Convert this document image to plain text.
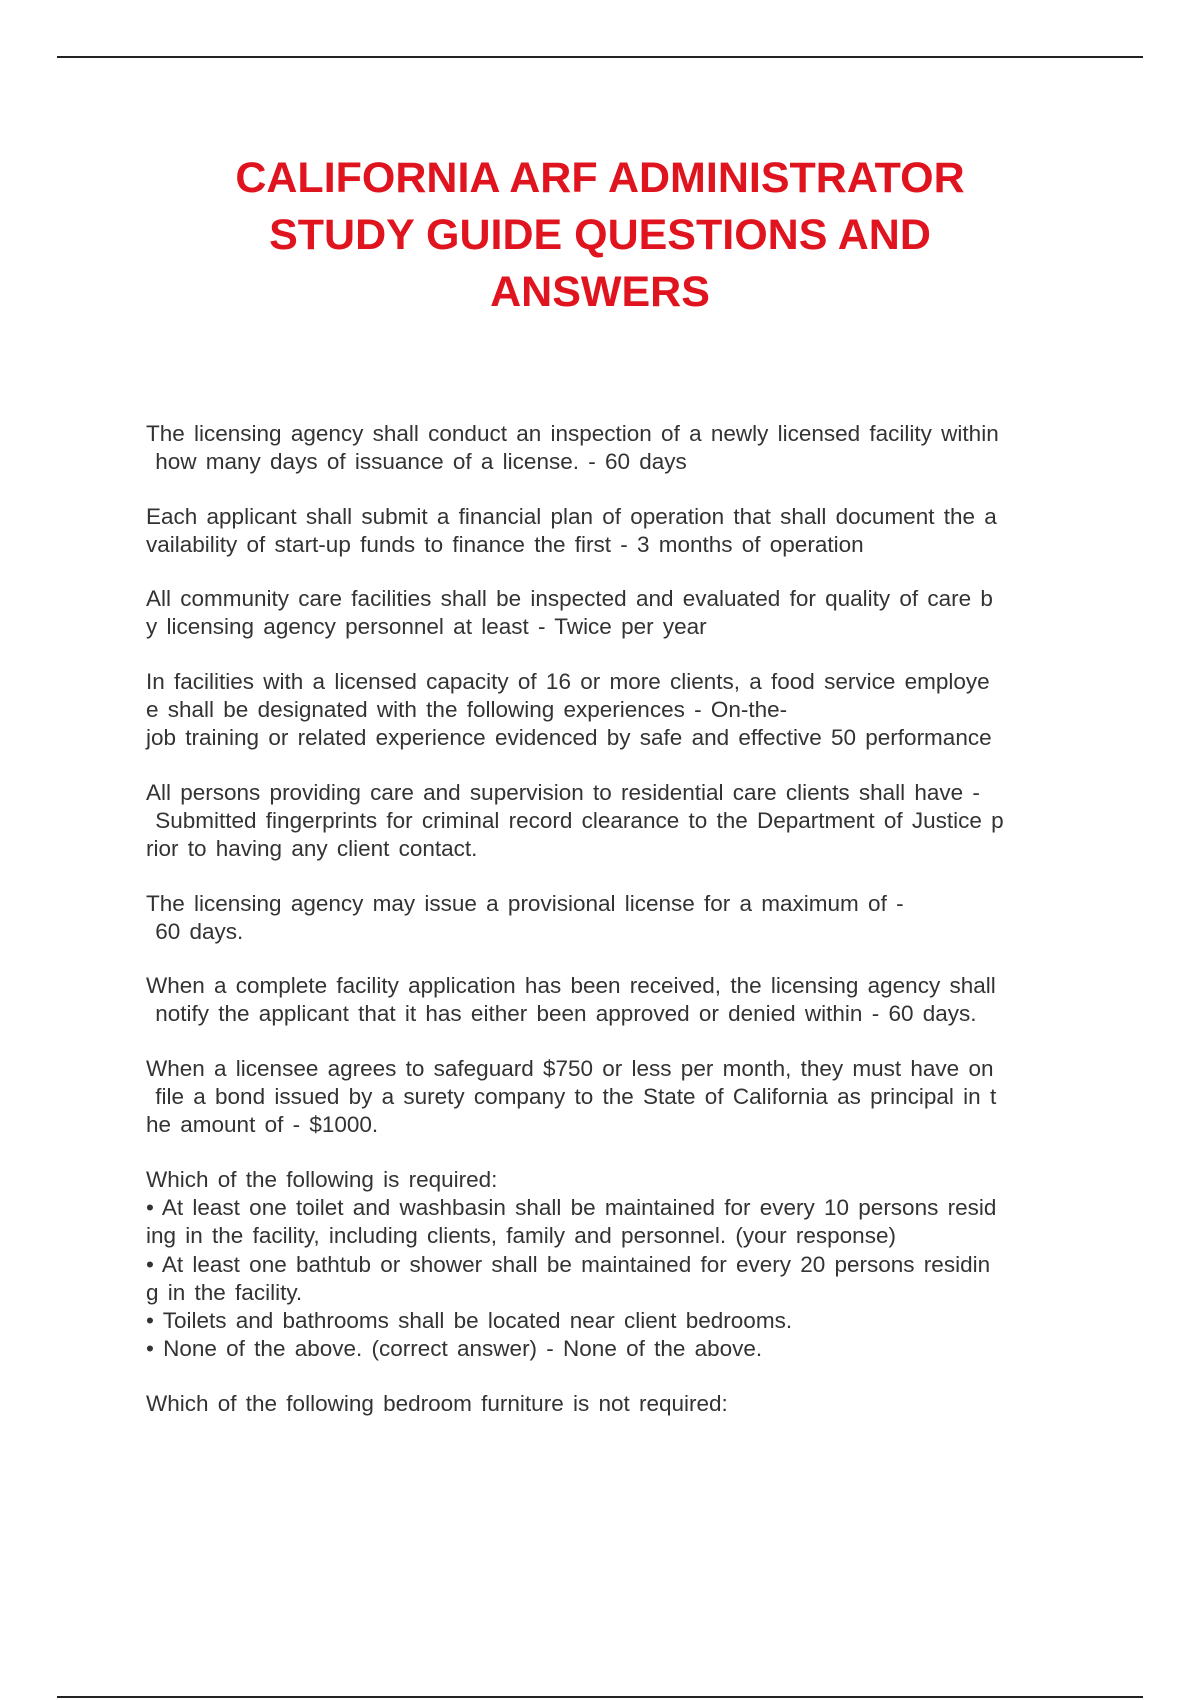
CALIFORNIA ARF ADMINISTRATOR
STUDY GUIDE QUESTIONS AND
ANSWERS
The licensing agency shall conduct an inspection of a newly licensed facility within
how many days of issuance of a license. - 60 days
Each applicant shall submit a financial plan of operation that shall document the a
vailability of start-up funds to finance the first - 3 months of operation
All community care facilities shall be inspected and evaluated for quality of care b
y licensing agency personnel at least - Twice per year
In facilities with a licensed capacity of 16 or more clients, a food service employe
e shall be designated with the following experiences - On-the-
job training or related experience evidenced by safe and effective 50 performance
All persons providing care and supervision to residential care clients shall have -
Submitted fingerprints for criminal record clearance to the Department of Justice p
rior to having any client contact.
The licensing agency may issue a provisional license for a maximum of -
60 days.
When a complete facility application has been received, the licensing agency shall
notify the applicant that it has either been approved or denied within - 60 days.
When a licensee agrees to safeguard $750 or less per month, they must have on
file a bond issued by a surety company to the State of California as principal in t
he amount of - $1000.
Which of the following is required:
• At least one toilet and washbasin shall be maintained for every 10 persons resid
ing in the facility, including clients, family and personnel. (your response)
• At least one bathtub or shower shall be maintained for every 20 persons residin
g in the facility.
• Toilets and bathrooms shall be located near client bedrooms.
• None of the above. (correct answer) - None of the above.
Which of the following bedroom furniture is not required:
